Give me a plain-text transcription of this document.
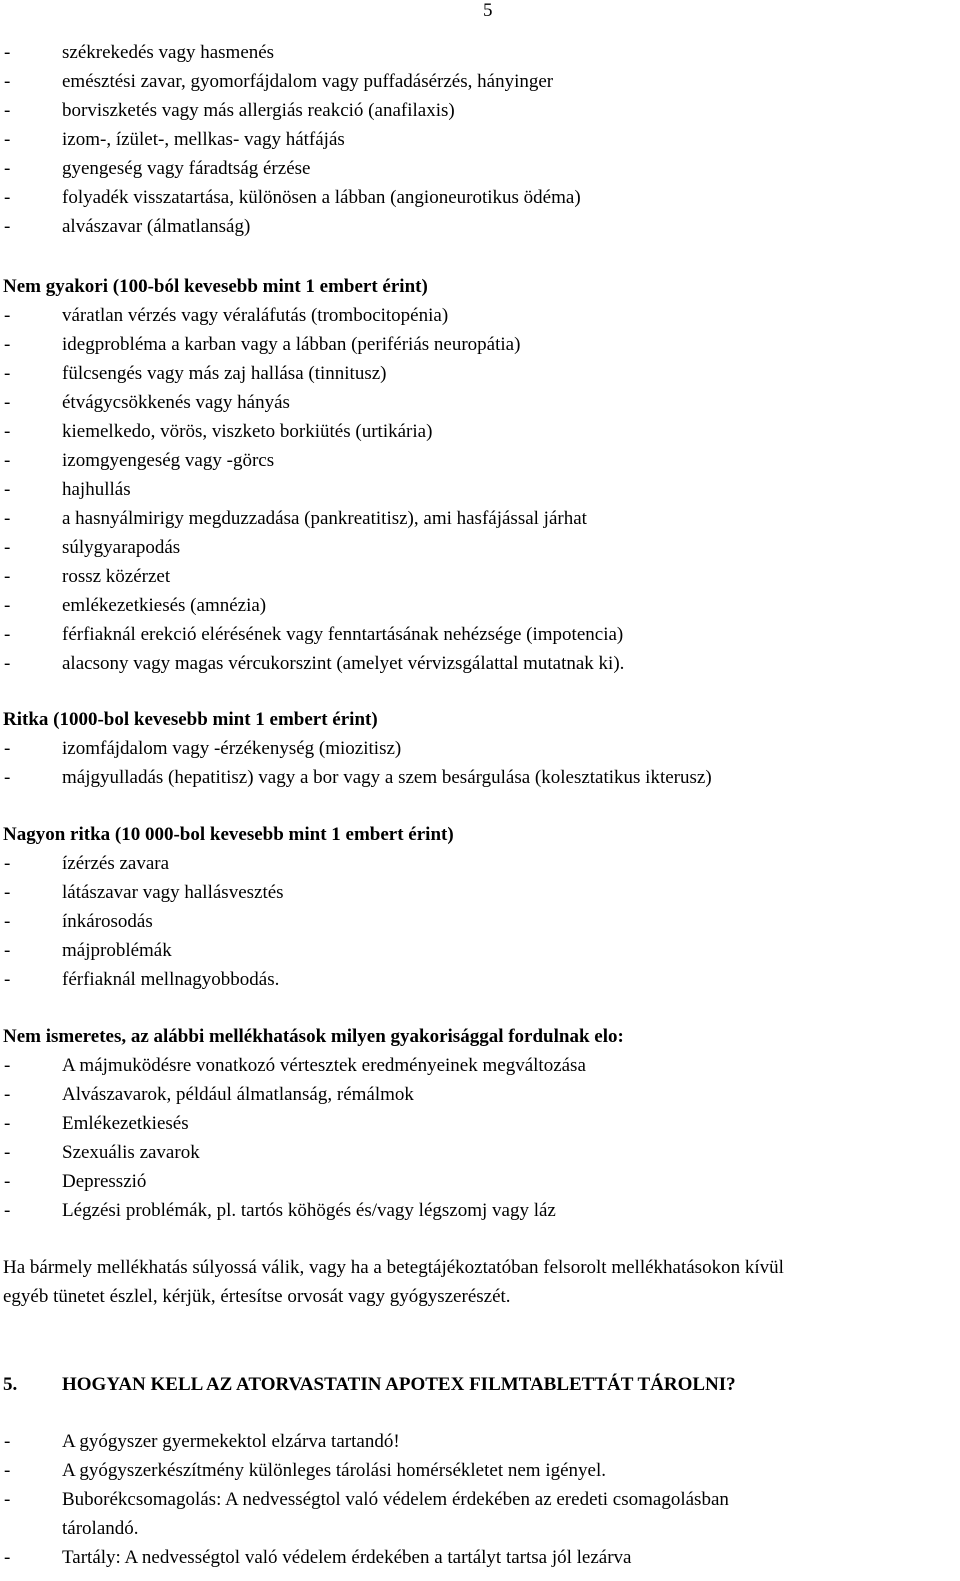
5
-	székrekedés vagy hasmenés
-	emésztési zavar, gyomorfájdalom vagy puffadásérzés, hányinger
-	borviszketés vagy más allergiás reakció (anafilaxis)
-	izom-, ízület-, mellkas- vagy hátfájás
-	gyengeség vagy fáradtság érzése
-	folyadék visszatartása, különösen a lábban (angioneurotikus ödéma)
-	alvászavar (álmatlanság)
Nem gyakori (100-ból kevesebb mint 1 embert érint)
-	váratlan vérzés vagy véraláfutás (trombocitopénia)
-	idegprobléma a karban vagy a lábban (perifériás neuropátia)
-	fülcsengés vagy más zaj hallása (tinnitusz)
-	étvágycsökkenés vagy hányás
-	kiemelkedo, vörös, viszketo borkiütés (urtikária)
-	izomgyengeség vagy -görcs
-	hajhullás
-	a hasnyálmirigy megduzzadása (pankreatitisz), ami hasfájással járhat
-	súlygyarapodás
-	rossz közérzet
-	emlékezetkiesés (amnézia)
-	férfiaknál erekció elérésének vagy fenntartásának nehézsége (impotencia)
-	alacsony vagy magas vércukorszint (amelyet vérvizsgálattal mutatnak ki).
Ritka (1000-bol kevesebb mint 1 embert érint)
-	izomfájdalom vagy -érzékenység (miozitisz)
-	májgyulladás (hepatitisz) vagy a bor vagy a szem besárgulása (kolesztatikus ikterusz)
Nagyon ritka (10 000-bol kevesebb mint 1 embert érint)
-	ízérzés zavara
-	látászavar vagy hallásvesztés
-	ínkárosodás
-	májproblémák
-	férfiaknál mellnagyobbodás.
Nem ismeretes, az alábbi mellékhatások milyen gyakorisággal fordulnak elo:
-	A májmuködésre vonatkozó vértesztek eredményeinek megváltozása
-	Alvászavarok, például álmatlanság, rémálmok
-	Emlékezetkiesés
-	Szexuális zavarok
-	Depresszió
-	Légzési problémák, pl. tartós köhögés és/vagy légszomj vagy láz
Ha bármely mellékhatás súlyossá válik, vagy ha a betegtájékoztatóban felsorolt mellékhatásokon kívül
egyéb tünetet észlel, kérjük, értesítse orvosát vagy gyógyszerészét.
5. HOGYAN KELL AZ ATORVASTATIN APOTEX FILMTABLETTÁT TÁROLNI?
-	A gyógyszer gyermekektol elzárva tartandó!
-	A gyógyszerkészítmény különleges tárolási homérsékletet nem igényel.
-	Buborékcsomagolás: A nedvességtol való védelem érdekében az eredeti csomagolásban
tárolandó.
-	Tartály: A nedvességtol való védelem érdekében a tartályt tartsa jól lezárva
